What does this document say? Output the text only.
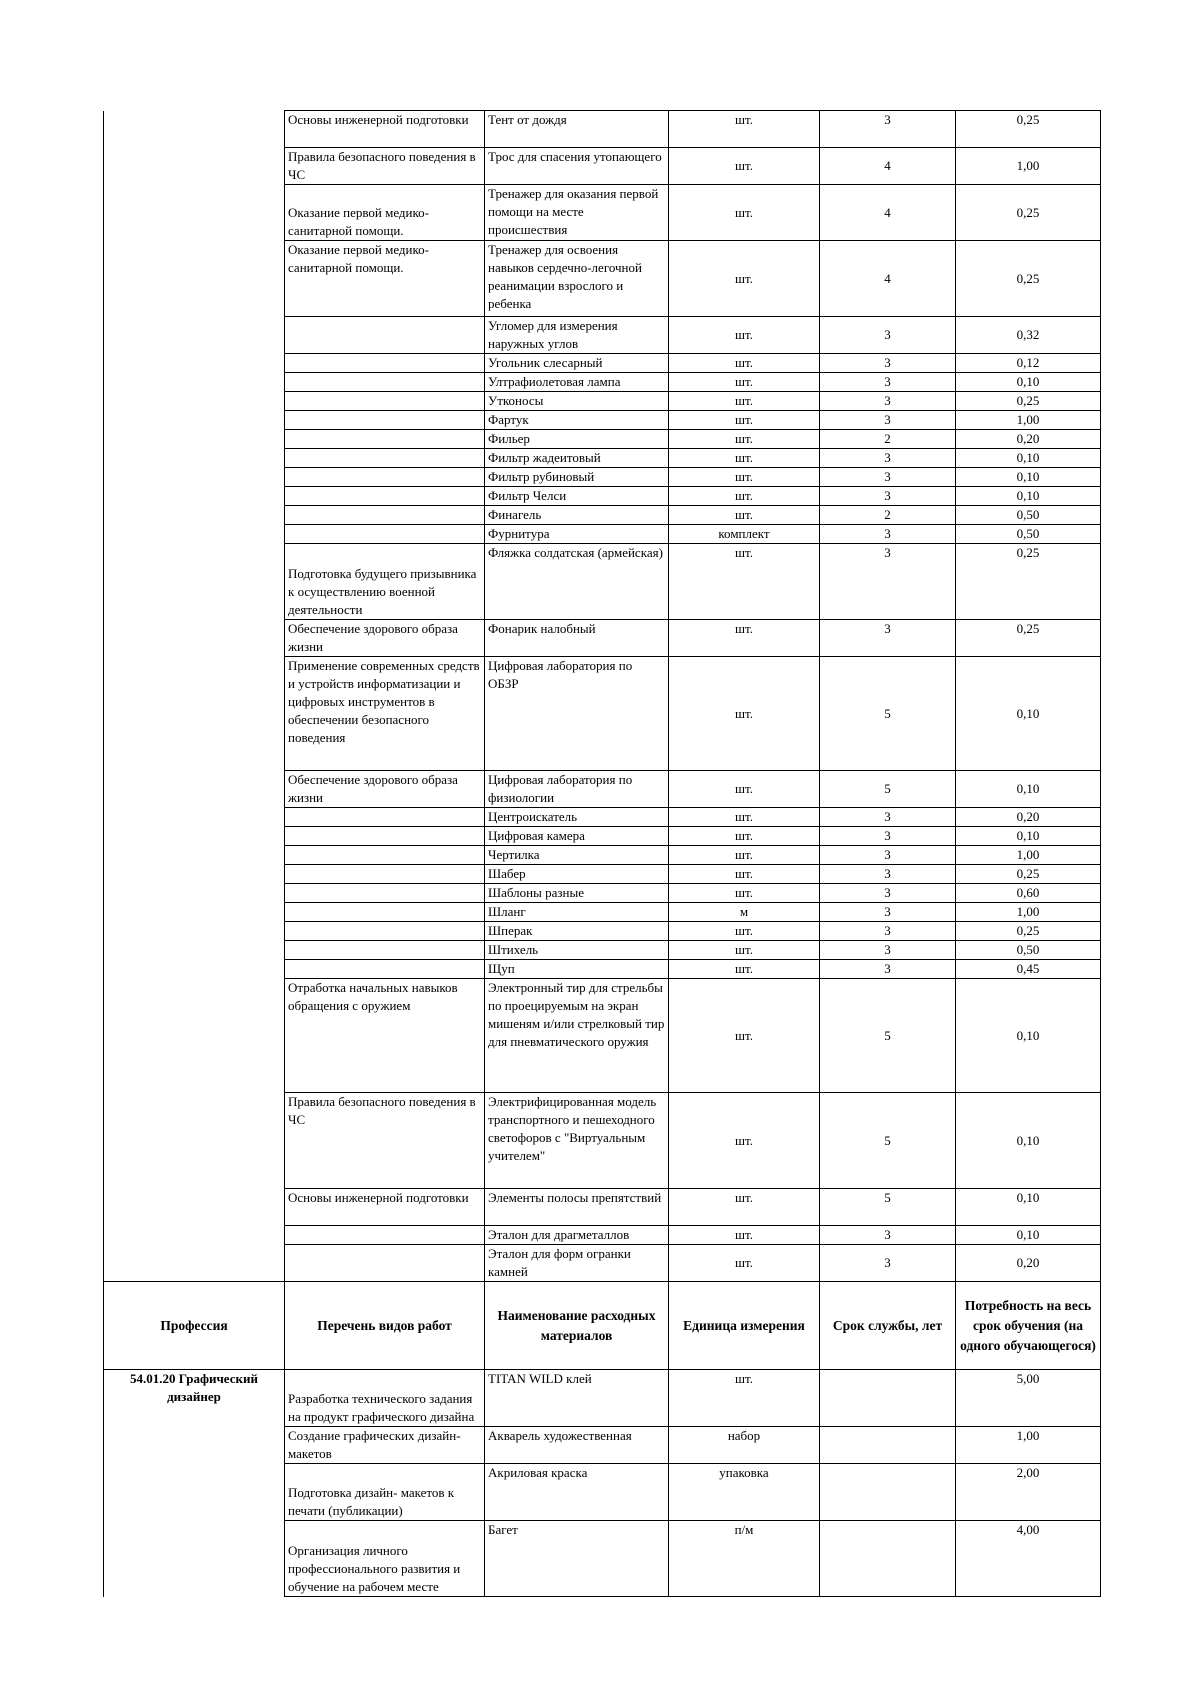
	Основы инженерной подготовки	Тент от дождя	шт.	3	0,25
	Правила безопасного поведения в ЧС	Трос для спасения утопающего	шт.	4	1,00
	Оказание первой медико-санитарной помощи.	Тренажер для оказания первой помощи на месте происшествия	шт.	4	0,25
	Оказание первой медико-санитарной помощи.	Тренажер для освоения навыков сердечно-легочной реанимации взрослого и ребенка	шт.	4	0,25
		Угломер для измерения наружных углов	шт.	3	0,32
		Угольник слесарный	шт.	3	0,12
		Ултрафиолетовая лампа	шт.	3	0,10
		Утконосы	шт.	3	0,25
		Фартук	шт.	3	1,00
		Фильер	шт.	2	0,20
		Фильтр жадеитовый	шт.	3	0,10
		Фильтр рубиновый	шт.	3	0,10
		Фильтр Челси	шт.	3	0,10
		Финагель	шт.	2	0,50
		Фурнитура	комплект	3	0,50
	Подготовка будущего призывника к осуществлению военной деятельности	Фляжка солдатская (армейская)	шт.	3	0,25
	Обеспечение здорового образа жизни	Фонарик налобный	шт.	3	0,25
	Применение современных средств и устройств информатизации и цифровых инструментов в обеспечении безопасного поведения	Цифровая лаборатория по ОБЗР	шт.	5	0,10
	Обеспечение здорового образа жизни	Цифровая лаборатория по физиологии	шт.	5	0,10
		Центроискатель	шт.	3	0,20
		Цифровая камера	шт.	3	0,10
		Чертилка	шт.	3	1,00
		Шабер	шт.	3	0,25
		Шаблоны разные	шт.	3	0,60
		Шланг	м	3	1,00
		Шперак	шт.	3	0,25
		Штихель	шт.	3	0,50
		Щуп	шт.	3	0,45
	Отработка начальных навыков обращения с оружием	Электронный тир для стрельбы по проецируемым на экран мишеням и/или стрелковый тир для пневматического оружия	шт.	5	0,10
	Правила безопасного поведения в ЧС	Электрифицированная модель транспортного и пешеходного светофоров с "Виртуальным учителем"	шт.	5	0,10
	Основы инженерной подготовки	Элементы полосы препятствий	шт.	5	0,10
		Эталон для драгметаллов	шт.	3	0,10
		Эталон для форм огранки камней	шт.	3	0,20
Профессия	Перечень видов работ	Наименование расходных материалов	Единица измерения	Срок службы, лет	Потребность на весь срок обучения (на одного обучающегося)
54.01.20 Графический дизайнер	Разработка технического задания на продукт графического дизайна	TITAN WILD клей	шт.		5,00
	Создание графических дизайн-макетов	Акварель художественная	набор		1,00
	Подготовка дизайн- макетов к печати (публикации)	Акриловая краска	упаковка		2,00
	Организация личного профессионального развития и обучение на рабочем месте	Багет	п/м		4,00
